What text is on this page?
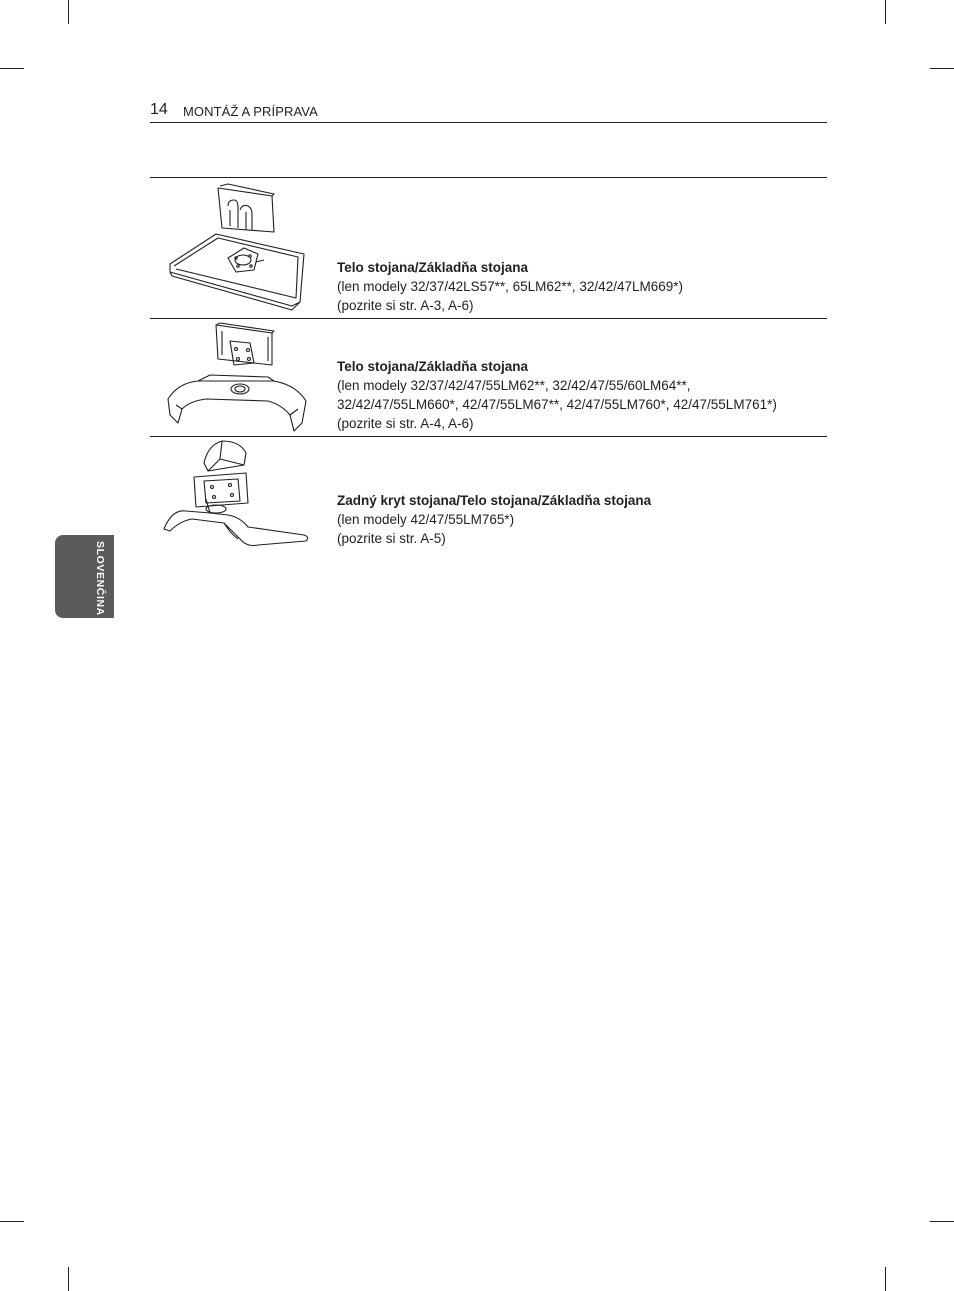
14 MONTÁŽ A PRÍPRAVA
SLOVENČINA
Telo stojana/Základňa stojana
(len modely 32/37/42LS57**, 65LM62**, 32/42/47LM669*)
(pozrite si str. A-3, A-6)
Telo stojana/Základňa stojana
(len modely 32/37/42/47/55LM62**, 32/42/47/55/60LM64**,
32/42/47/55LM660*, 42/47/55LM67**, 42/47/55LM760*, 42/47/55LM761*)
(pozrite si str. A-4, A-6)
Zadný kryt stojana/Telo stojana/Základňa stojana
(len modely 42/47/55LM765*)
(pozrite si str. A-5)
